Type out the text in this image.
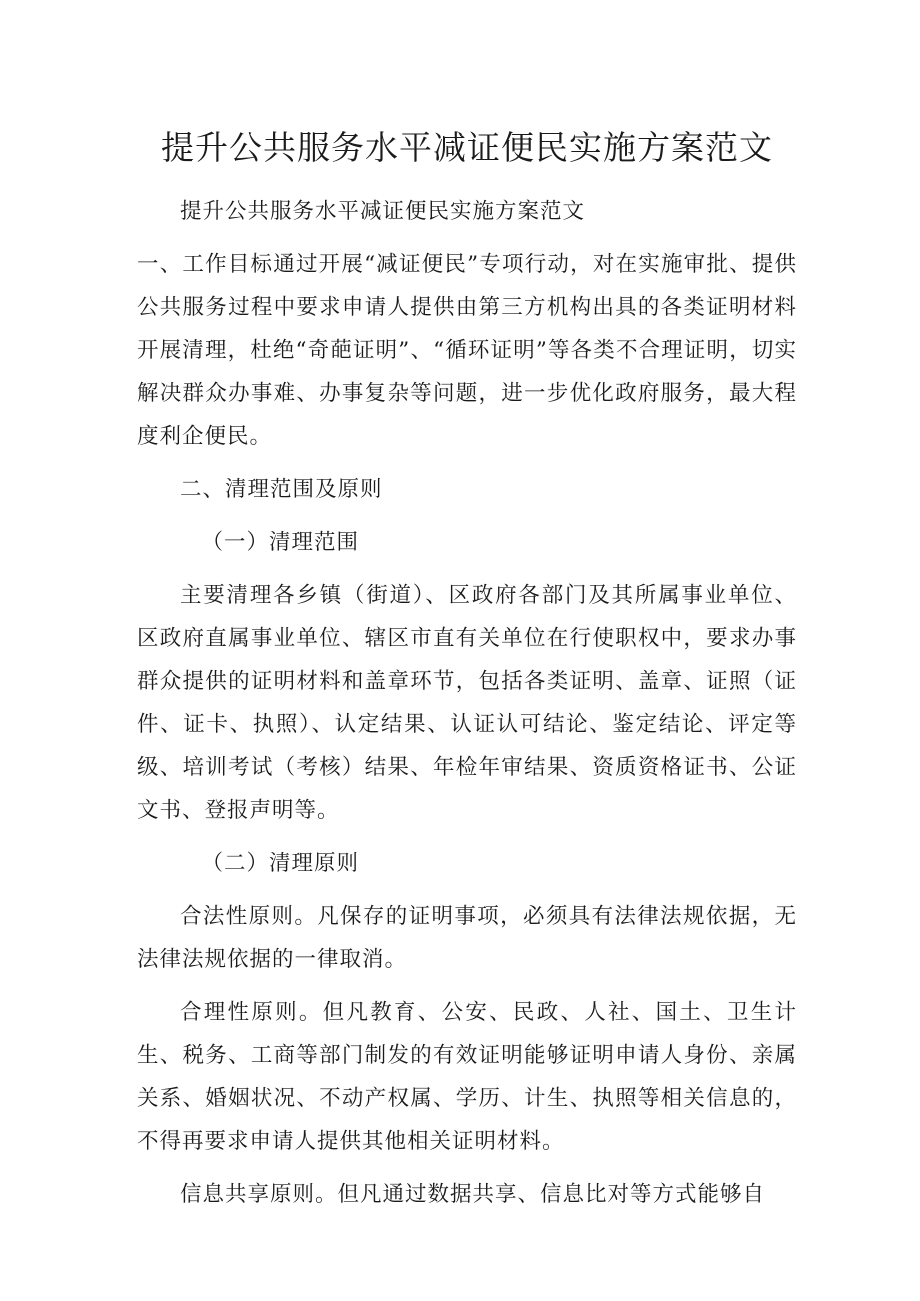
提升公共服务水平减证便民实施方案范文

提升公共服务水平减证便民实施方案范文

一、工作目标通过开展“减证便民”专项行动，对在实施审批、提供公共服务过程中要求申请人提供由第三方机构出具的各类证明材料开展清理，杜绝“奇葩证明”、“循环证明”等各类不合理证明，切实解决群众办事难、办事复杂等问题，进一步优化政府服务，最大程度利企便民。

二、清理范围及原则

（一）清理范围

主要清理各乡镇（街道）、区政府各部门及其所属事业单位、区政府直属事业单位、辖区市直有关单位在行使职权中，要求办事群众提供的证明材料和盖章环节，包括各类证明、盖章、证照（证件、证卡、执照）、认定结果、认证认可结论、鉴定结论、评定等级、培训考试（考核）结果、年检年审结果、资质资格证书、公证文书、登报声明等。

（二）清理原则

合法性原则。凡保存的证明事项，必须具有法律法规依据，无法律法规依据的一律取消。

合理性原则。但凡教育、公安、民政、人社、国土、卫生计生、税务、工商等部门制发的有效证明能够证明申请人身份、亲属关系、婚姻状况、不动产权属、学历、计生、执照等相关信息的，不得再要求申请人提供其他相关证明材料。

信息共享原则。但凡通过数据共享、信息比对等方式能够自
